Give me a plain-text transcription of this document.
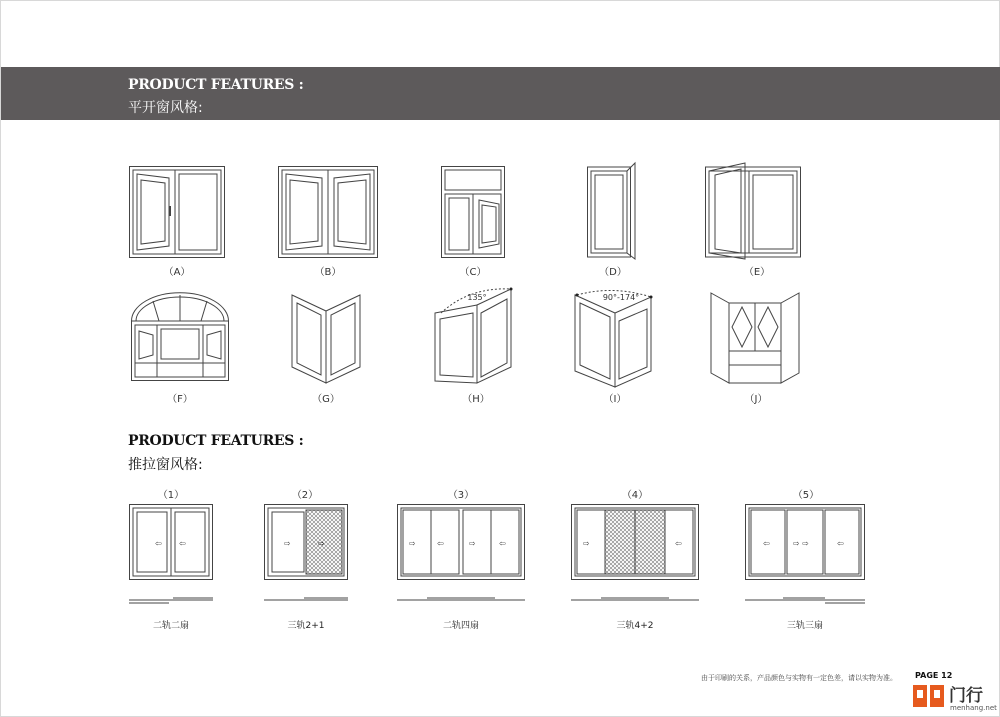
PRODUCT FEATURES :
平开窗风格:
（A）	（B）	（C）	（D）	（E）
（F）	（G）
135°
（H）
90°-174°
（I）	（J）
PRODUCT FEATURES :
推拉窗风格:
（1）
⇦ ⇦
二轨二扇
（2）
⇨	⇨
三轨2+1
（3）
⇨	⇦	⇨	⇦
二轨四扇
（4）
⇨	⇦
三轨4+2
（5）
⇦	⇨ ⇨	⇦
三轨三扇
由于印刷的关系，产品颜色与实物有一定色差，请以实物为准。 PAGE 12
门行
menhang.net
